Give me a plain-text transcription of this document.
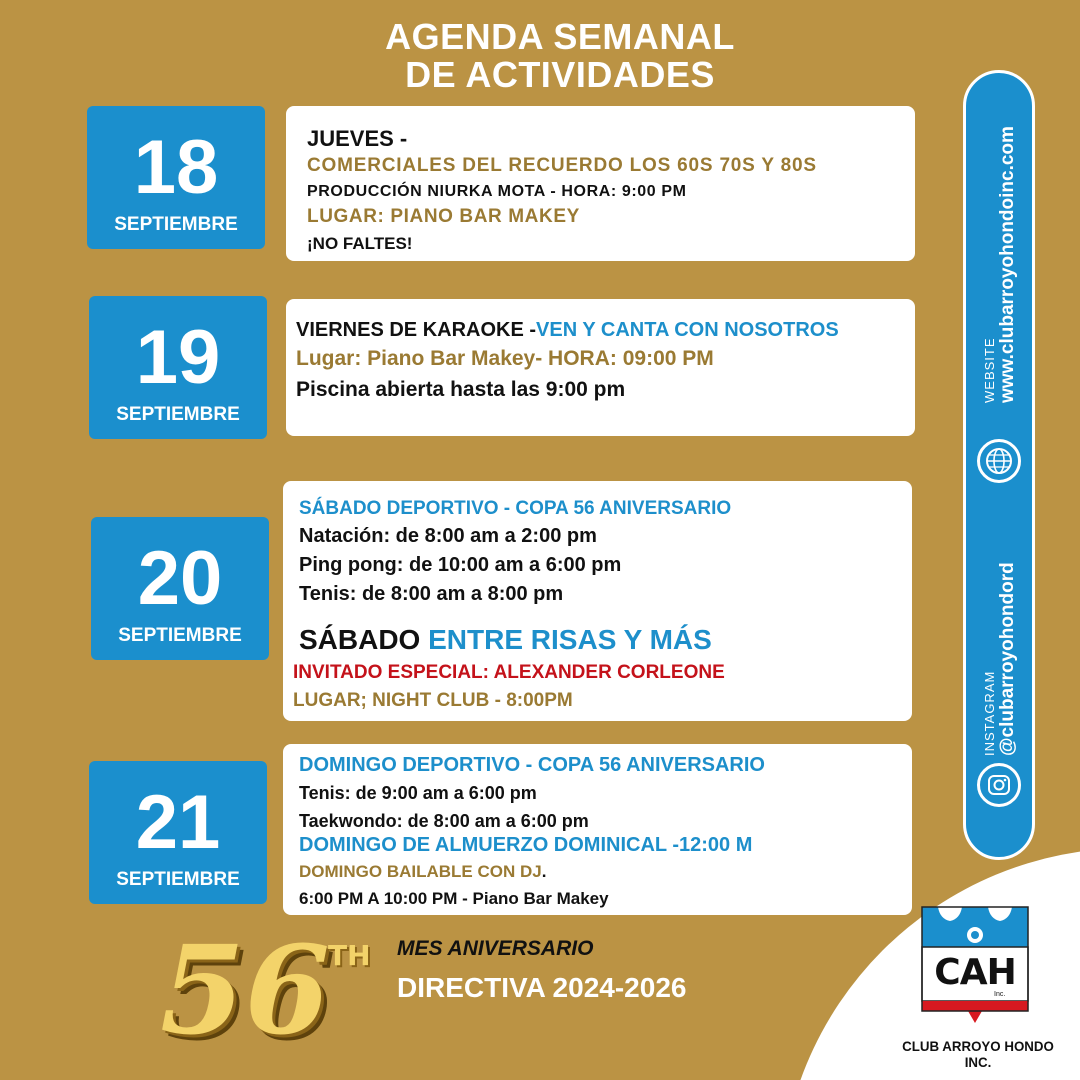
AGENDA SEMANAL
DE ACTIVIDADES
18
SEPTIEMBRE
JUEVES -
COMERCIALES DEL RECUERDO LOS 60S 70S Y 80S
PRODUCCIÓN NIURKA MOTA - HORA: 9:00 PM
LUGAR: PIANO BAR MAKEY
¡NO FALTES!
19
SEPTIEMBRE
VIERNES DE KARAOKE -VEN Y CANTA CON NOSOTROS
Lugar: Piano Bar Makey- HORA: 09:00 PM
Piscina abierta hasta las 9:00 pm
20
SEPTIEMBRE
SÁBADO DEPORTIVO - COPA 56 ANIVERSARIO
Natación: de 8:00 am a 2:00 pm
Ping pong: de 10:00 am a 6:00 pm
Tenis: de 8:00 am a 8:00 pm
SÁBADO ENTRE RISAS Y MÁS
INVITADO ESPECIAL: ALEXANDER CORLEONE
LUGAR; NIGHT CLUB - 8:00PM
21
SEPTIEMBRE
DOMINGO DEPORTIVO - COPA 56 ANIVERSARIO
Tenis: de 9:00 am a 6:00 pm
Taekwondo: de 8:00 am a 6:00 pm
DOMINGO DE ALMUERZO DOMINICAL -12:00 M
DOMINGO BAILABLE CON DJ.
6:00 PM A 10:00 PM - Piano Bar Makey
WEBSITE www.clubarroyohondoinc.com
INSTAGRAM @clubarroyohondord
CAH
Inc.
CLUB ARROYO HONDO INC.
56
TH MES ANIVERSARIO
DIRECTIVA 2024-2026
